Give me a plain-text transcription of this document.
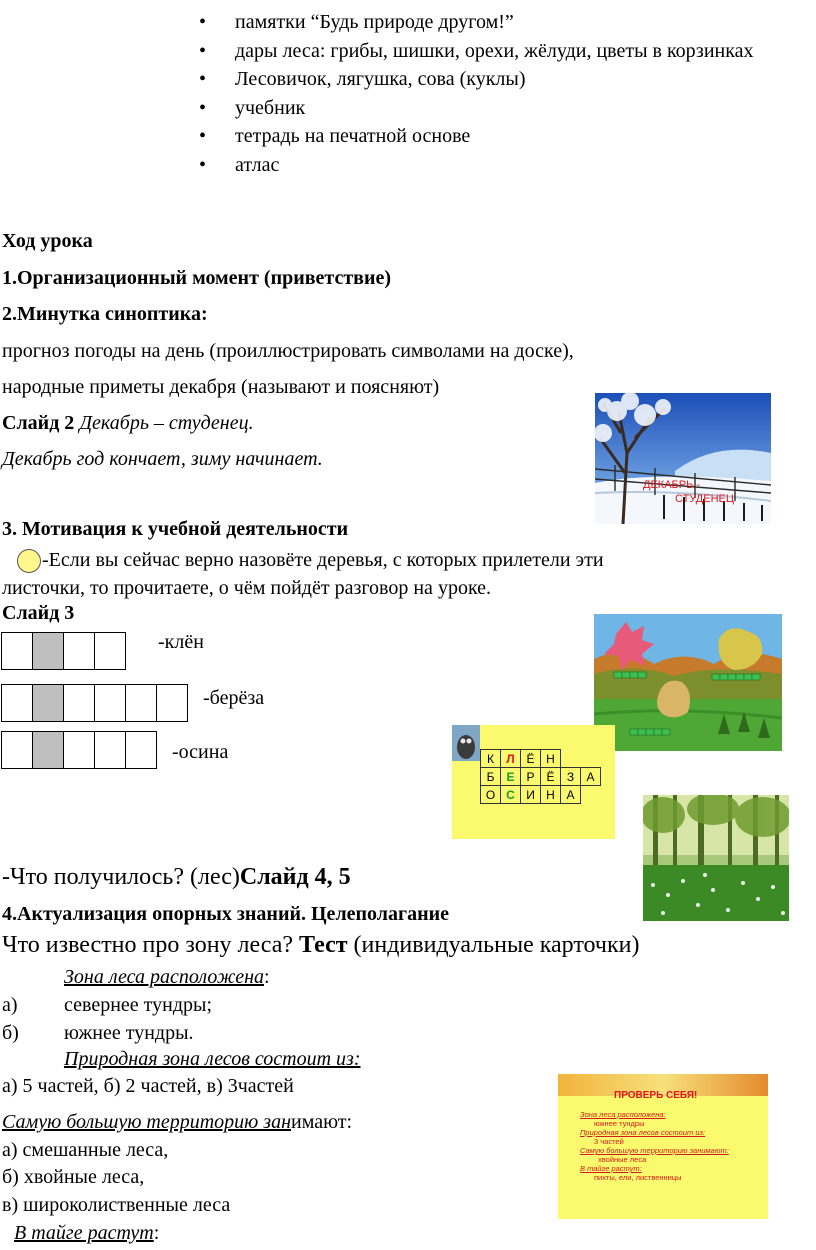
• памятки “Будь природе другом!”
• дары леса: грибы, шишки, орехи, жёлуди, цветы в корзинках
• Лесовичок, лягушка, сова (куклы)
• учебник
• тетрадь на печатной основе
• атлас
Ход урока
1.Организационный момент (приветствие)
2.Минутка синоптика:
прогноз погоды на день (проиллюстрировать символами на доске),
народные приметы декабря (называют и поясняют)
Слайд 2 Декабрь – студенец.
Декабрь год кончает, зиму начинает.
ДЕКАБРЬ -
СТУДЕНЕЦ
3. Мотивация к учебной деятельности
-Если вы сейчас верно назовёте деревья, с которых прилетели эти
листочки, то прочитаете, о чём пойдёт разговор на уроке.
Слайд 3

-клён

-берёза

-осина	К	Л	Ё	Н		
Б	Е	Р	Ё	З	А
О	С	И	Н	А	
-Что получилось? (лес)Слайд 4, 5
4.Актуализация опорных знаний. Целеполагание
Что известно про зону леса? Тест (индивидуальные карточки)
Зона леса расположена:
а) севернее тундры;
б) южнее тундры.
Природная зона лесов состоит из:
а) 5 частей, б) 2 частей, в) 3частей
Самую большую территорию занимают:
а) смешанные леса,
б) хвойные леса,
в) широколиственные леса
В тайге растут:
ПРОВЕРЬ СЕБЯ!
Зона леса расположена:
южнее тундры
Природная зона лесов состоит из:
3 частей
Самую большую территорию занимают:
хвойные леса
В тайге растут:
пихты, ели, лиственницы
